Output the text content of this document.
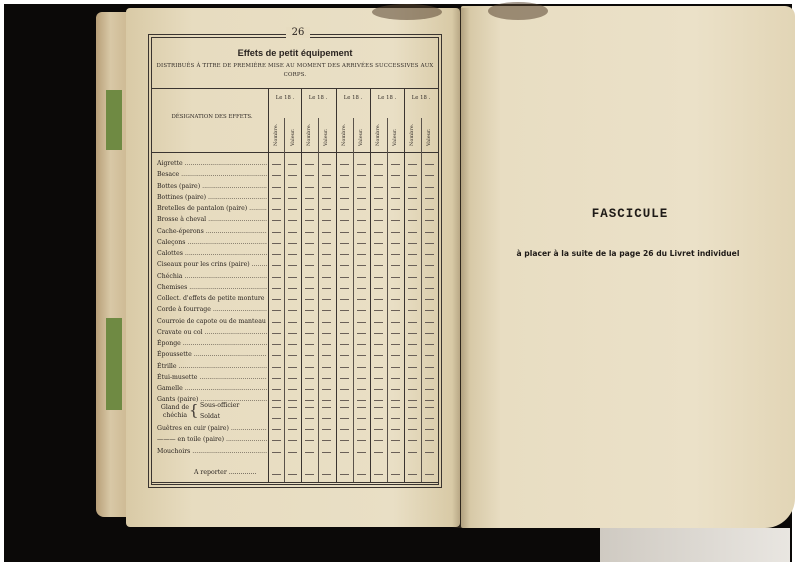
26
Effets de petit équipement
DISTRIBUÉS À TITRE DE PREMIÈRE MISE AU MOMENT DES ARRIVÉES SUCCESSIVES AUX CORPS.
DÉSIGNATION DES EFFETS.
Le 18 .
Nombre. Valeur.
Le 18 .
Nombre. Valeur.
Le 18 .
Nombre. Valeur.
Le 18 .
Nombre. Valeur.
Le 18 .
Nombre. Valeur.
Aigrette .....
Besace .....
Bottes (paire) .....
Bottines (paire) .....
Bretelles de pantalon (paire) .....
Brosse à cheval .....
Cache-éperons .....
Caleçons .....
Calottes .....
Ciseaux pour les crins (paire) .....
Chéchia .....
Chemises .....
Collect. d'effets de petite monture .....
Corde à fourrage .....
Courroie de capote ou de manteau .....
Cravate ou col .....
Éponge .....
Époussette .....
Étrille .....
Étui-musette .....
Gamelle .....
Gants (paire) .....
Guêtres en cuir (paire) .....
——— en toile (paire) .....
Mouchoirs .....
Gland de chéchia { Sous-officier
Soldat
A reporter ..............
FASCICULE
à placer à la suite de la page 26 du Livret individuel
